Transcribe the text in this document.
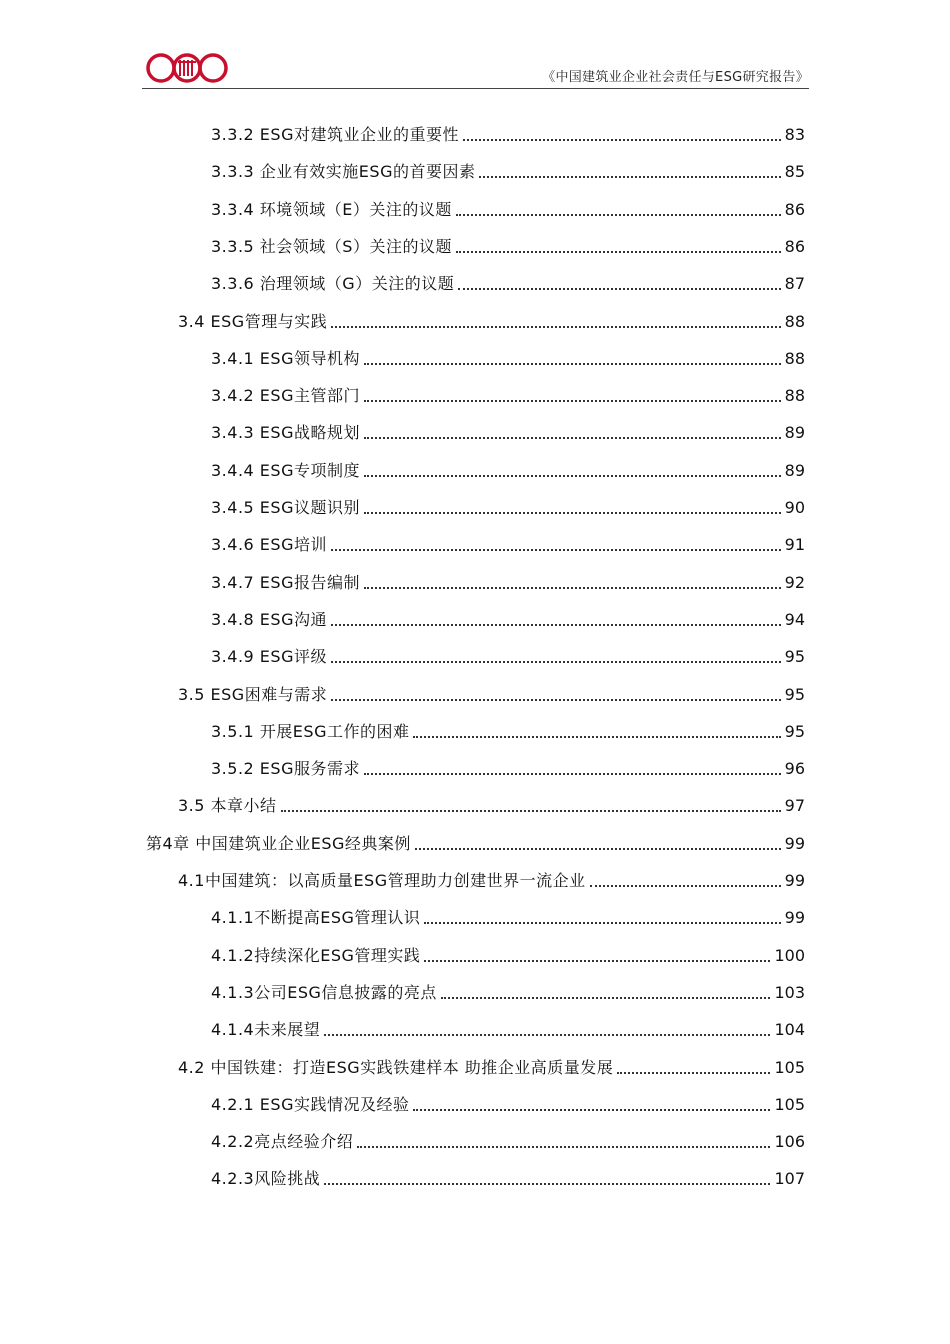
《中国建筑业企业社会责任与ESG研究报告》
3.3.2 ESG对建筑业企业的重要性	83
3.3.3 企业有效实施ESG的首要因素	85
3.3.4 环境领域（E）关注的议题	86
3.3.5 社会领域（S）关注的议题	86
3.3.6 治理领域（G）关注的议题	87
3.4 ESG管理与实践	88
3.4.1 ESG领导机构	88
3.4.2 ESG主管部门	88
3.4.3 ESG战略规划	89
3.4.4 ESG专项制度	89
3.4.5 ESG议题识别	90
3.4.6 ESG培训	91
3.4.7 ESG报告编制	92
3.4.8 ESG沟通	94
3.4.9 ESG评级	95
3.5 ESG困难与需求	95
3.5.1 开展ESG工作的困难	95
3.5.2 ESG服务需求	96
3.5 本章小结	97
第4章 中国建筑业企业ESG经典案例	99
4.1中国建筑：以高质量ESG管理助力创建世界一流企业	99
4.1.1不断提高ESG管理认识	99
4.1.2持续深化ESG管理实践	100
4.1.3公司ESG信息披露的亮点	103
4.1.4未来展望	104
4.2 中国铁建：打造ESG实践铁建样本 助推企业高质量发展	105
4.2.1 ESG实践情况及经验	105
4.2.2亮点经验介绍	106
4.2.3风险挑战	107
